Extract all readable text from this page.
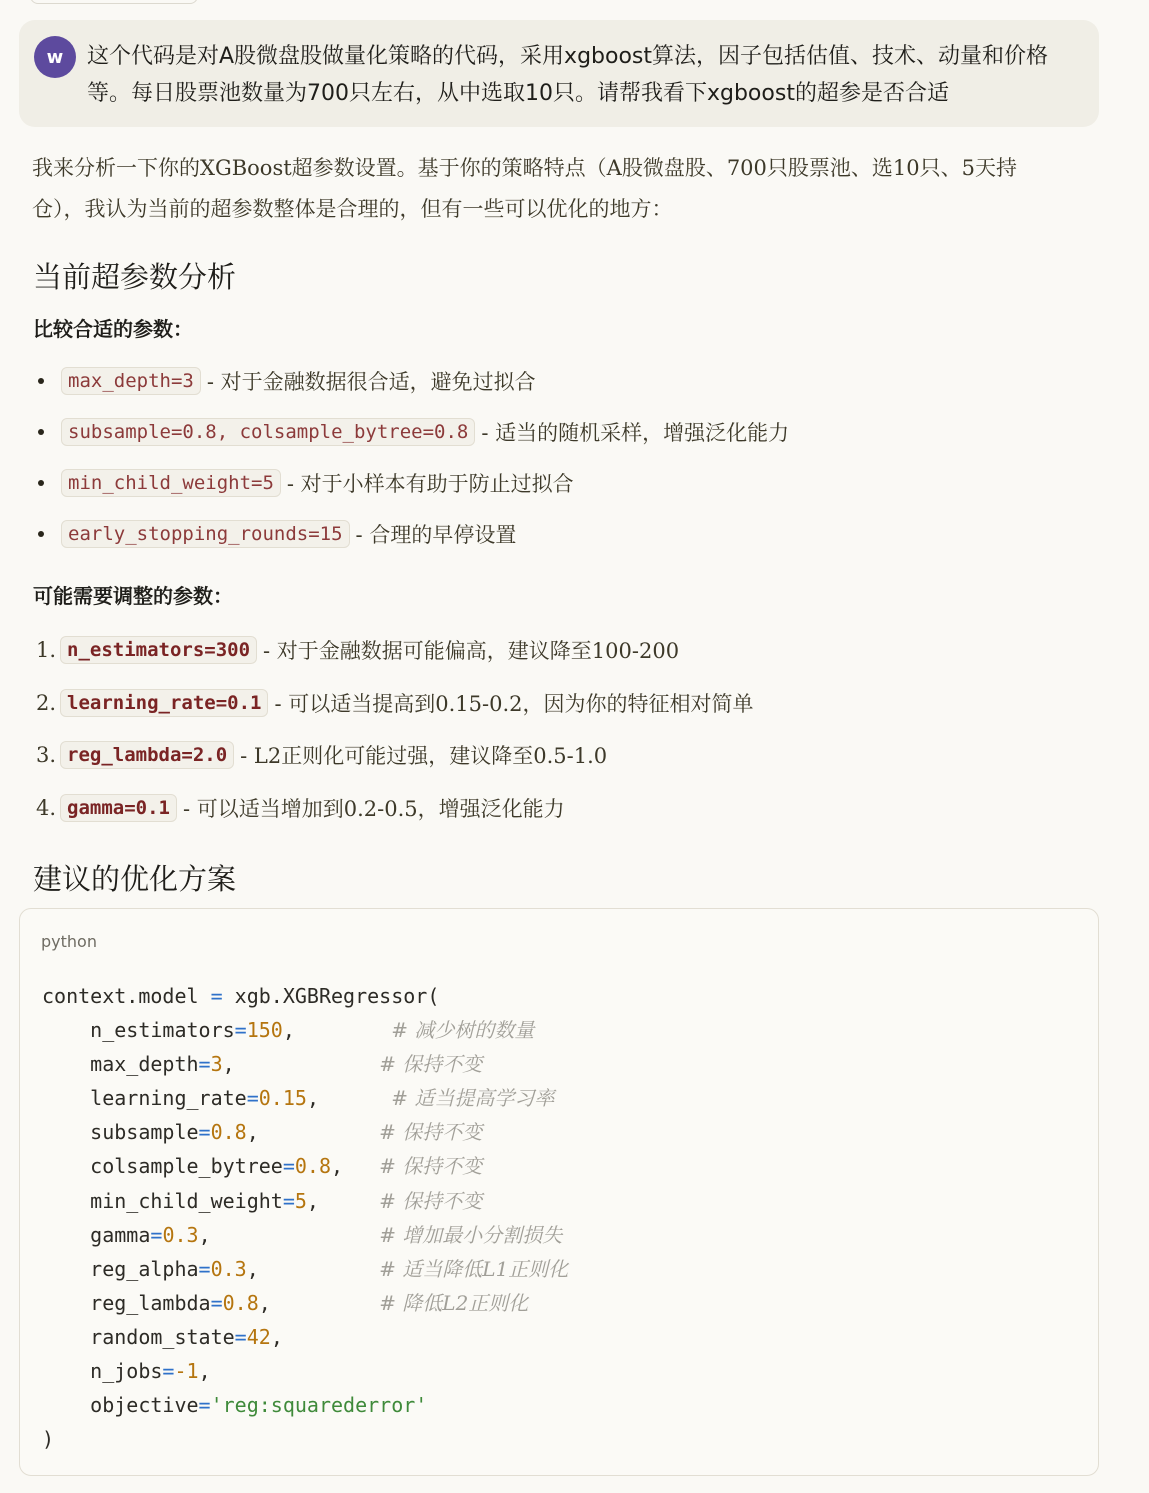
w	这个代码是对A股微盘股做量化策略的代码，采用xgboost算法，因子包括估值、技术、动量和价格等。每日股票池数量为700只左右，从中选取10只。请帮我看下xgboost的超参是否合适
我来分析一下你的XGBoost超参数设置。基于你的策略特点（A股微盘股、700只股票池、选10只、5天持仓），我认为当前的超参数整体是合理的，但有一些可以优化的地方：
当前超参数分析
比较合适的参数：
max_depth=3 - 对于金融数据很合适，避免过拟合
subsample=0.8, colsample_bytree=0.8 - 适当的随机采样，增强泛化能力
min_child_weight=5 - 对于小样本有助于防止过拟合
early_stopping_rounds=15 - 合理的早停设置
可能需要调整的参数：
1. n_estimators=300 - 对于金融数据可能偏高，建议降至100-200
2. learning_rate=0.1 - 可以适当提高到0.15-0.2，因为你的特征相对简单
3. reg_lambda=2.0 - L2正则化可能过强，建议降至0.5-1.0
4. gamma=0.1 - 可以适当增加到0.2-0.5，增强泛化能力
建议的优化方案
python
context.model = xgb.XGBRegressor(
n_estimators=150,        # 减少树的数量
max_depth=3,            # 保持不变
learning_rate=0.15,      # 适当提高学习率
subsample=0.8,          # 保持不变
colsample_bytree=0.8,   # 保持不变
min_child_weight=5,     # 保持不变
gamma=0.3,              # 增加最小分割损失
reg_alpha=0.3,          # 适当降低L1正则化
reg_lambda=0.8,         # 降低L2正则化
random_state=42,
n_jobs=-1,
objective='reg:squarederror'
)
